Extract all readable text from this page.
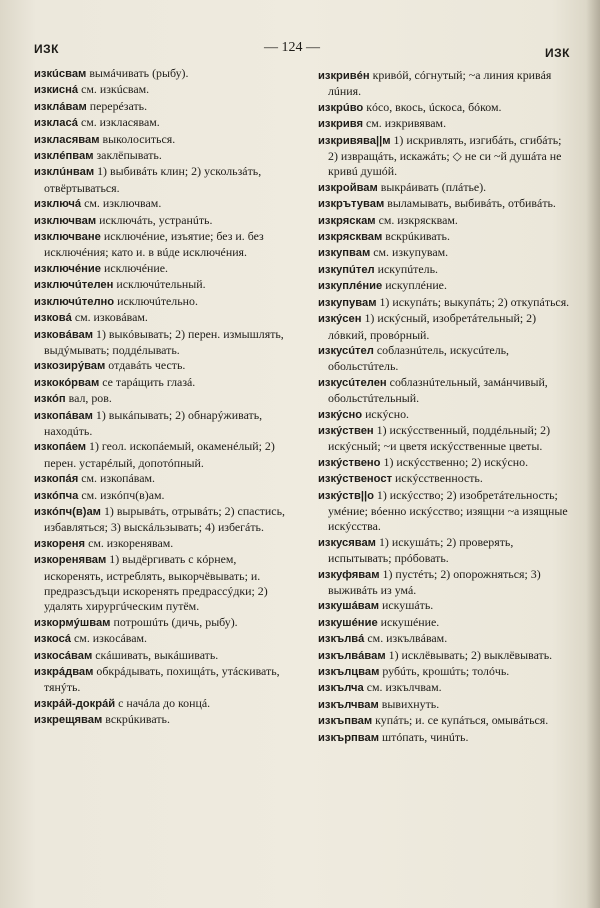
ИЗК	— 124 —	ИЗК

изкúсвам вымáчивать (рыбу).

изкиснá см. изкúсвам.

изклáвам перерéзать.

изкласá см. изкласявам.

изкласявам выколоситься.

изклéпвам заклёпывать.

изклúнвам 1) выбивáть клин; 2) ускользáть, отвёртываться.

изключá см. изключвам.

изключвам исключáть, устранúть.

изключване исключéние, изъятие; без и. без исключéния; като и. в вúде исключéния.

изключéние исключéние.

изключúтелен исключúтельный.

изключúтелно исключúтельно.

изковá см. изковáвам.

изковáвам 1) выкóвывать; 2) перен. измышлять, выдýмывать; поддéлывать.

изкозирýвам отдавáть честь.

изкокóрвам се тарáщить глазá.

изкóп вал, ров.

изкопáвам 1) выкáпывать; 2) обнарýживать, находúть.

изкопáем 1) геол. ископáемый, окаменéлый; 2) перен. устарéлый, допотóпный.

изкопáя см. изкопáвам.

изкóпча см. изкóпч(в)ам.

изкóпч(в)ам 1) вырывáть, отрывáть; 2) спастись, избавляться; 3) выскáльзывать; 4) избегáть.

изкореня см. изкоренявам.

изкоренявам 1) выдёргивать с кóрнем, искоренять, истреблять, выкорчёвывать; и. предразсъдъци искоренять предрассýдки; 2) удалять хирургúческим путём.

изкормýшвам потрошúть (дичь, рыбу).

изкосá см. изкосáвам.

изкосáвам скáшивать, выкáшивать.

изкрáдвам обкрáдывать, похищáть, утáскивать, тянýть.

изкрáй-докрáй с начáла до концá.

изкрещявам вскрúкивать.

изкривéн кривóй, сóгнутый; ~а линия кривáя лúния.

изкрúво кóсо, вкось, úскоса, бóком.

изкривя см. изкривявам.

изкривява||м 1) искривлять, изгибáть, сгибáть; 2) извращáть, искажáть; ◇ не си ~й душáта не кривú душóй.

изкройвам выкрáивать (плáтье).

изкрътувам выламывать, выбивáть, отбивáть.

изкряскам см. изкрясквам.

изкрясквам вскрúкивать.

изкупвам см. изкупувам.

изкупúтел искупúтель.

изкуплéние искуплéние.

изкупувам 1) искупáть; выкупáть; 2) откупáться.

изкýсен 1) искýсный, изобретáтельный; 2) лóвкий, провóрный.

изкусúтел соблазнúтель, искусúтель, обольстúтель.

изкусúтелен соблазнúтельный, замáнчивый, обольстúтельный.

изкýсно искýсно.

изкýствен 1) искýсственный, поддéльный; 2) искýсный; ~и цветя искýсственные цветы.

изкýствено 1) искýсственно; 2) искýсно.

изкýственост искýсственность.

изкýств||о 1) искýсство; 2) изобретáтельность; умéние; вóенно искýсство; изящни ~а изящные искýсства.

изкусявам 1) искушáть; 2) проверять, испытывать; прóбовать.

изкуфявам 1) пустéть; 2) опорожняться; 3) выживáть из умá.

изкушáвам искушáть.

изкушéние искушéние.

изкълвá см. изкълвáвам.

изкълвáвам 1) исклёвывать; 2) выклёвывать.

изкълцвам рубúть, крошúть; толóчь.

изкълча см. изкълчвам.

изкълчвам вывихнуть.

изкъпвам купáть; и. се купáться, омывáться.

изкърпвам штóпать, чинúть.
